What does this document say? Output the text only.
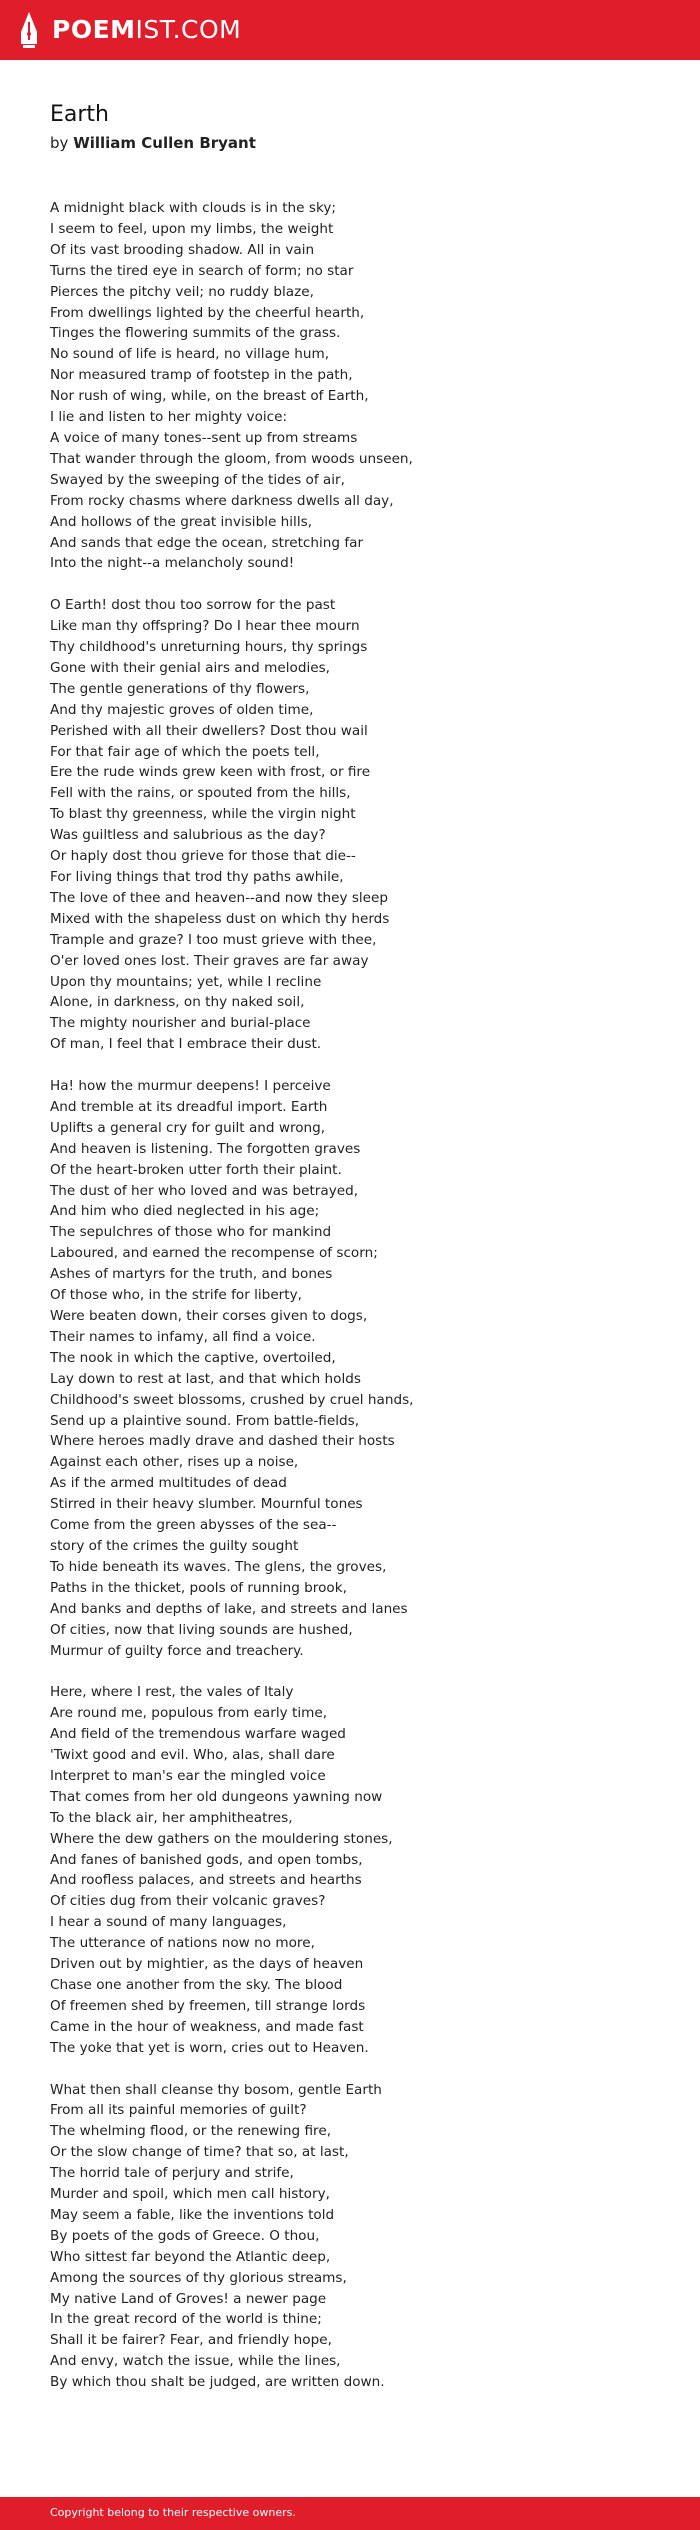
POEMIST.COM
Earth
by William Cullen Bryant
A midnight black with clouds is in the sky;
I seem to feel, upon my limbs, the weight
Of its vast brooding shadow. All in vain
Turns the tired eye in search of form; no star
Pierces the pitchy veil; no ruddy blaze,
From dwellings lighted by the cheerful hearth,
Tinges the flowering summits of the grass.
No sound of life is heard, no village hum,
Nor measured tramp of footstep in the path,
Nor rush of wing, while, on the breast of Earth,
I lie and listen to her mighty voice:
A voice of many tones--sent up from streams
That wander through the gloom, from woods unseen,
Swayed by the sweeping of the tides of air,
From rocky chasms where darkness dwells all day,
And hollows of the great invisible hills,
And sands that edge the ocean, stretching far
Into the night--a melancholy sound!
O Earth! dost thou too sorrow for the past
Like man thy offspring? Do I hear thee mourn
Thy childhood's unreturning hours, thy springs
Gone with their genial airs and melodies,
The gentle generations of thy flowers,
And thy majestic groves of olden time,
Perished with all their dwellers? Dost thou wail
For that fair age of which the poets tell,
Ere the rude winds grew keen with frost, or fire
Fell with the rains, or spouted from the hills,
To blast thy greenness, while the virgin night
Was guiltless and salubrious as the day?
Or haply dost thou grieve for those that die--
For living things that trod thy paths awhile,
The love of thee and heaven--and now they sleep
Mixed with the shapeless dust on which thy herds
Trample and graze? I too must grieve with thee,
O'er loved ones lost. Their graves are far away
Upon thy mountains; yet, while I recline
Alone, in darkness, on thy naked soil,
The mighty nourisher and burial-place
Of man, I feel that I embrace their dust.
Ha! how the murmur deepens! I perceive
And tremble at its dreadful import. Earth
Uplifts a general cry for guilt and wrong,
And heaven is listening. The forgotten graves
Of the heart-broken utter forth their plaint.
The dust of her who loved and was betrayed,
And him who died neglected in his age;
The sepulchres of those who for mankind
Laboured, and earned the recompense of scorn;
Ashes of martyrs for the truth, and bones
Of those who, in the strife for liberty,
Were beaten down, their corses given to dogs,
Their names to infamy, all find a voice.
The nook in which the captive, overtoiled,
Lay down to rest at last, and that which holds
Childhood's sweet blossoms, crushed by cruel hands,
Send up a plaintive sound. From battle-fields,
Where heroes madly drave and dashed their hosts
Against each other, rises up a noise,
As if the armed multitudes of dead
Stirred in their heavy slumber. Mournful tones
Come from the green abysses of the sea--
story of the crimes the guilty sought
To hide beneath its waves. The glens, the groves,
Paths in the thicket, pools of running brook,
And banks and depths of lake, and streets and lanes
Of cities, now that living sounds are hushed,
Murmur of guilty force and treachery.
Here, where I rest, the vales of Italy
Are round me, populous from early time,
And field of the tremendous warfare waged
'Twixt good and evil. Who, alas, shall dare
Interpret to man's ear the mingled voice
That comes from her old dungeons yawning now
To the black air, her amphitheatres,
Where the dew gathers on the mouldering stones,
And fanes of banished gods, and open tombs,
And roofless palaces, and streets and hearths
Of cities dug from their volcanic graves?
I hear a sound of many languages,
The utterance of nations now no more,
Driven out by mightier, as the days of heaven
Chase one another from the sky. The blood
Of freemen shed by freemen, till strange lords
Came in the hour of weakness, and made fast
The yoke that yet is worn, cries out to Heaven.
What then shall cleanse thy bosom, gentle Earth
From all its painful memories of guilt?
The whelming flood, or the renewing fire,
Or the slow change of time? that so, at last,
The horrid tale of perjury and strife,
Murder and spoil, which men call history,
May seem a fable, like the inventions told
By poets of the gods of Greece. O thou,
Who sittest far beyond the Atlantic deep,
Among the sources of thy glorious streams,
My native Land of Groves! a newer page
In the great record of the world is thine;
Shall it be fairer? Fear, and friendly hope,
And envy, watch the issue, while the lines,
By which thou shalt be judged, are written down.
Copyright belong to their respective owners.
